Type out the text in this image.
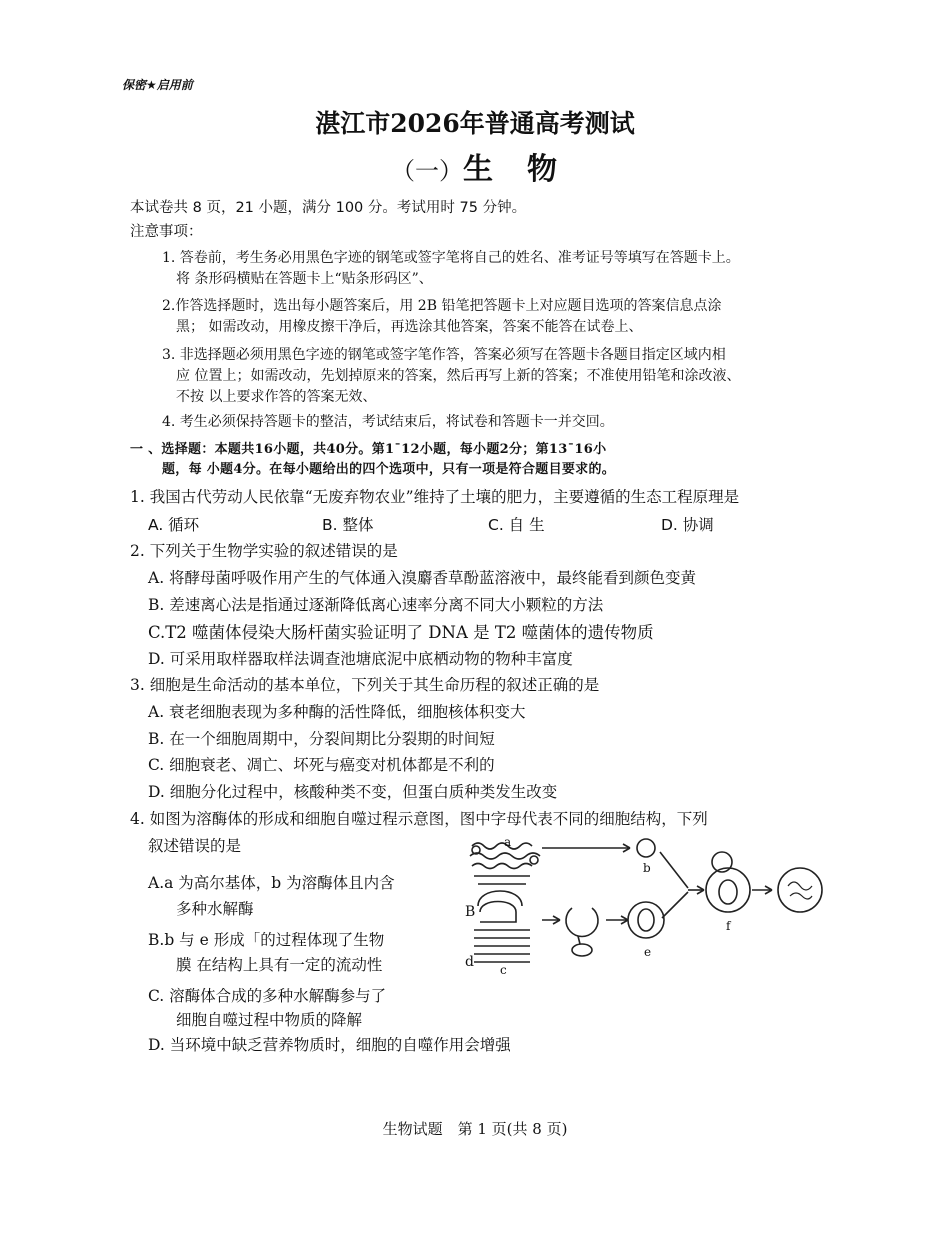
保密★启用前
湛江市2026年普通高考测试
（一）生　物
本试卷共 8 页，21 小题，满分 100 分。考试用时 75 分钟。
注意事项：
1. 答卷前，考生务必用黑色字迹的钢笔或签字笔将自己的姓名、准考证号等填写在答题卡上。
将 条形码横贴在答题卡上“贴条形码区”、
2.作答选择题时，选出每小题答案后，用 2B 铅笔把答题卡上对应题目选项的答案信息点涂
黑； 如需改动，用橡皮擦干净后，再选涂其他答案，答案不能答在试卷上、
3. 非选择题必须用黑色字迹的钢笔或签字笔作答，答案必须写在答题卡各题目指定区域内相
应 位置上；如需改动，先划掉原来的答案，然后再写上新的答案；不准使用铅笔和涂改液、
不按 以上要求作答的答案无效、
4. 考生必须保持答题卡的整洁，考试结束后，将试卷和答题卡一并交回。
一 、选择题：本题共16小题，共40分。第1¯12小题，每小题2分；第13¯16小
题，每 小题4分。在每小题给出的四个选项中，只有一项是符合题目要求的。
1. 我国古代劳动人民依靠“无废弃物农业”维持了土壤的肥力，主要遵循的生态工程原理是
A. 循环	B. 整体	C. 自 生	D. 协调
2. 下列关于生物学实验的叙述错误的是
A. 将酵母菌呼吸作用产生的气体通入溴麝香草酚蓝溶液中，最终能看到颜色变黄
B. 差速离心法是指通过逐渐降低离心速率分离不同大小颗粒的方法
C.T2 噬菌体侵染大肠杆菌实验证明了 DNA 是 T2 噬菌体的遗传物质
D. 可采用取样器取样法调查池塘底泥中底栖动物的物种丰富度
3. 细胞是生命活动的基本单位，下列关于其生命历程的叙述正确的是
A. 衰老细胞表现为多种酶的活性降低，细胞核体积变大
B. 在一个细胞周期中，分裂间期比分裂期的时间短
C. 细胞衰老、凋亡、坏死与癌变对机体都是不利的
D. 细胞分化过程中，核酸种类不变，但蛋白质种类发生改变
4. 如图为溶酶体的形成和细胞自噬过程示意图，图中字母代表不同的细胞结构，下列
叙述错误的是
A.a 为高尔基体，b 为溶酶体且内含
多种水解酶
B.b 与 e 形成「的过程体现了生物
膜 在结构上具有一定的流动性
C. 溶酶体合成的多种水解酶参与了
细胞自噬过程中物质的降解
D. 当环境中缺乏营养物质时，细胞的自噬作用会增强
a
b
c
e
f
B
d
生物试题　第 1 页(共 8 页)
